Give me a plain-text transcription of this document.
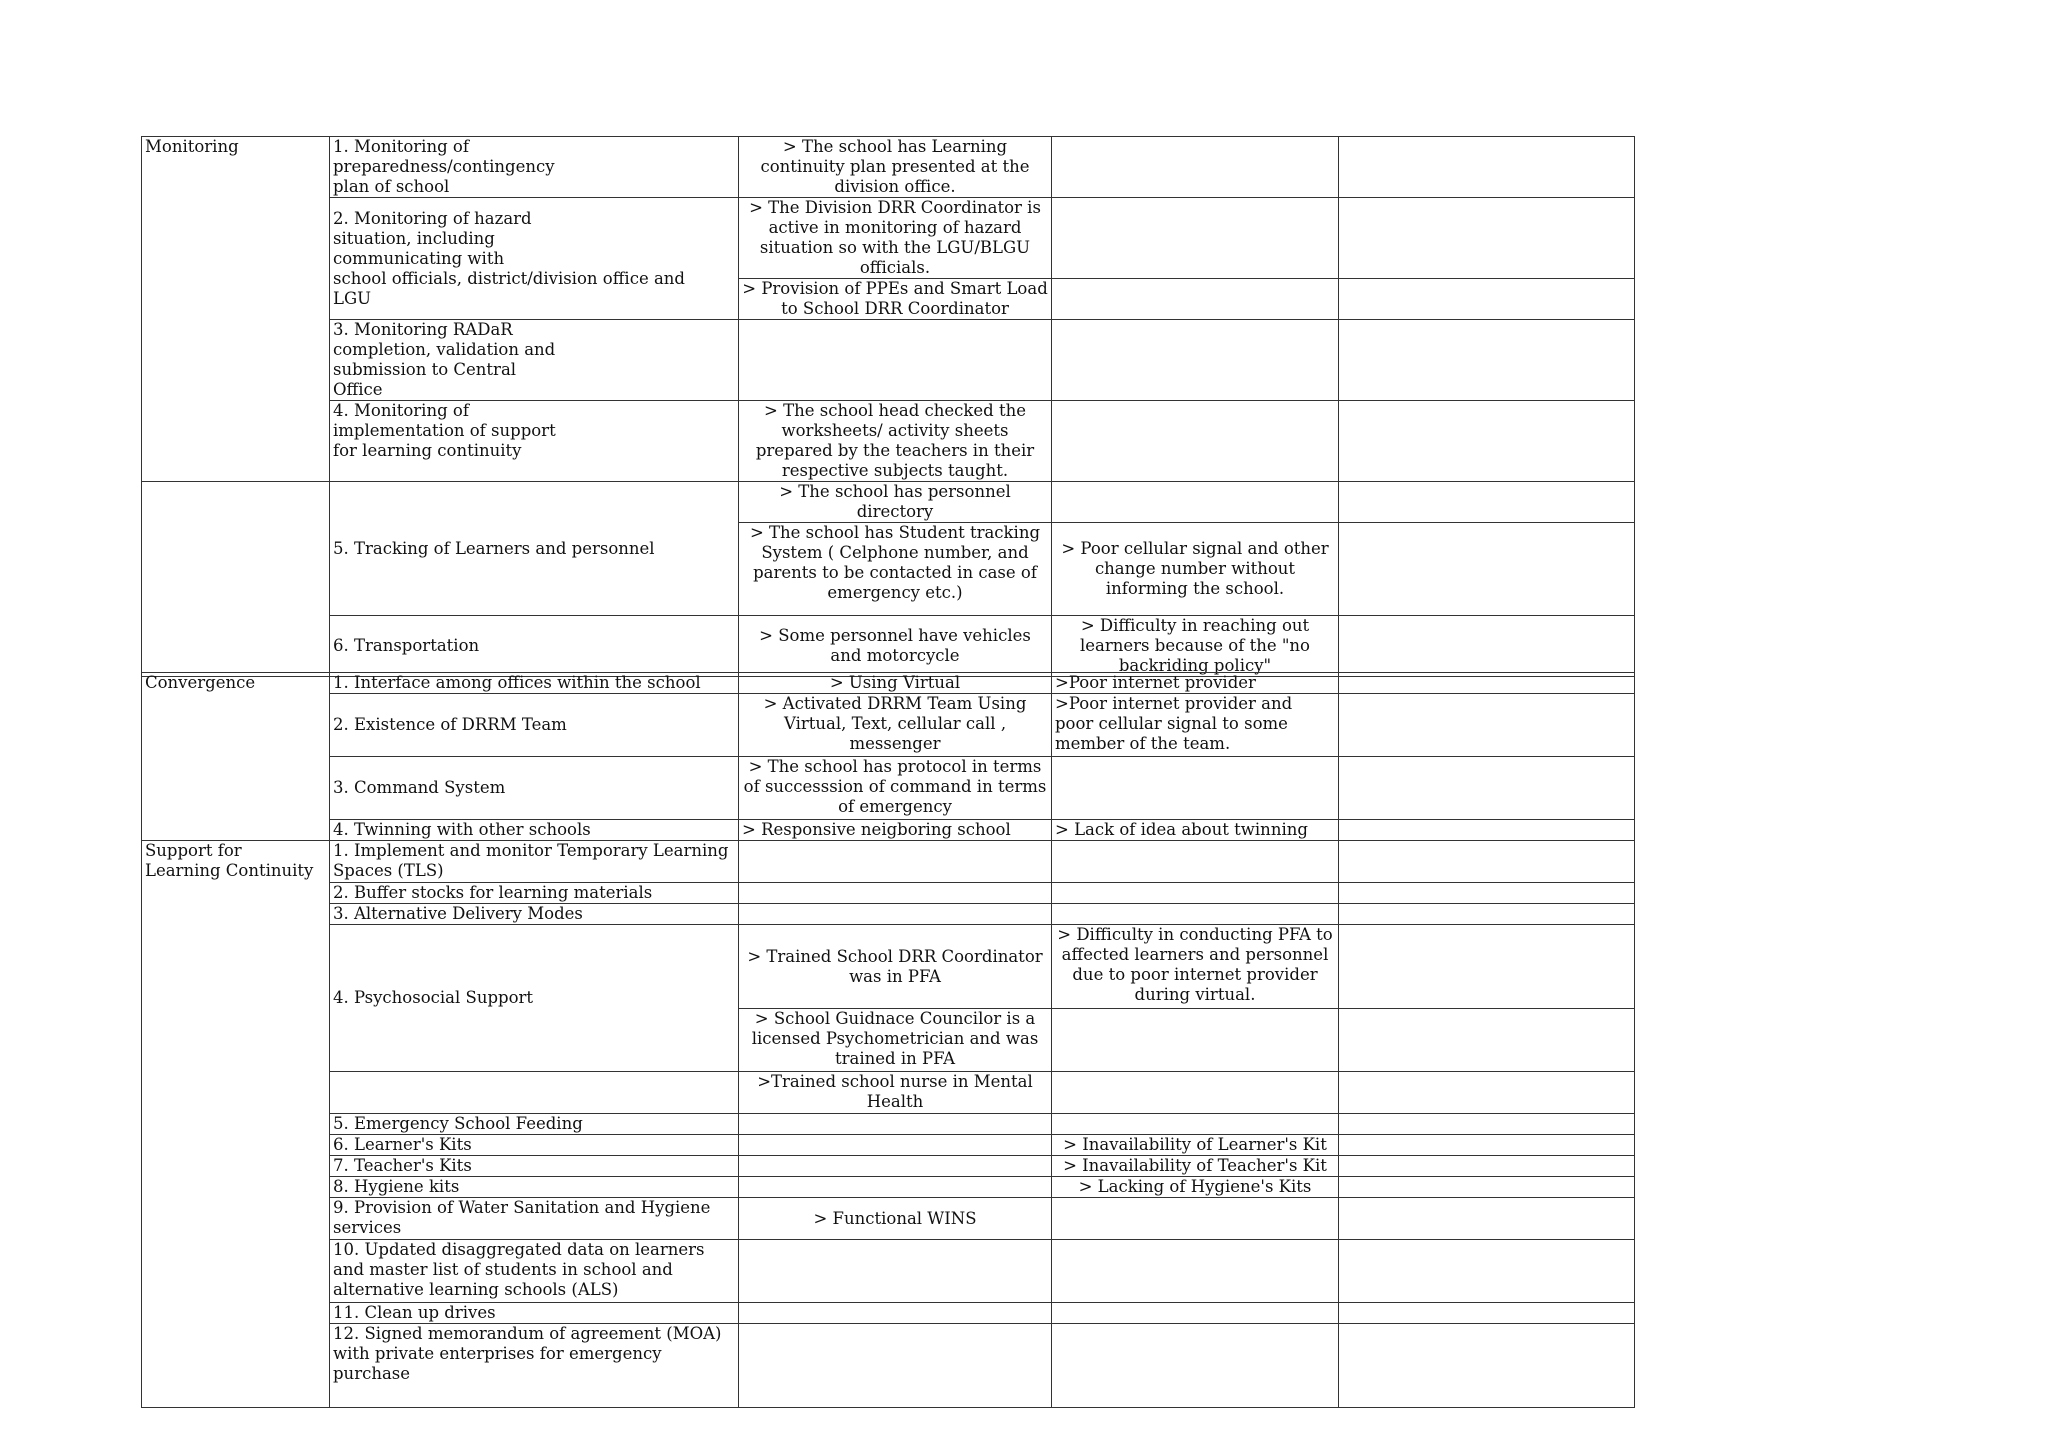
Monitoring	1. Monitoring of
preparedness/contingency
plan of school	> The school has Learning continuity plan presented at the division office.		
	2. Monitoring of hazard
situation, including
communicating with
school officials, district/division office and
LGU	> The Division DRR Coordinator is active in monitoring of hazard situation so with the LGU/BLGU officials.		
		> Provision of PPEs and Smart Load to School DRR Coordinator		
	3. Monitoring RADaR
completion, validation and
submission to Central
Office			
	4. Monitoring of
implementation of support
for learning continuity	> The school head checked the worksheets/ activity sheets prepared by the teachers in their respective subjects taught.		
	5. Tracking of Learners and personnel	> The school has personnel directory		
		> The school has Student tracking System ( Celphone number, and parents to be contacted in case of emergency etc.)	> Poor cellular signal and other change number without informing the school.	
	6. Transportation	> Some personnel have vehicles and motorcycle	> Difficulty in reaching out learners because of the "no backriding policy"	
Convergence	1. Interface among offices within the school	> Using Virtual	>Poor internet provider	
	2. Existence of DRRM Team	> Activated DRRM Team Using Virtual, Text, cellular call , messenger	>Poor internet provider and poor cellular signal to some member of the team.	
	3. Command System	> The school has protocol in terms of successsion of command in terms of emergency		
	4. Twinning with other schools	> Responsive neigboring school	> Lack of idea about twinning	
Support for
Learning Continuity	1. Implement and monitor Temporary Learning Spaces (TLS)			
	2. Buffer stocks for learning materials			
	3. Alternative Delivery Modes			
	4. Psychosocial Support	> Trained School DRR Coordinator was in PFA	> Difficulty in conducting PFA to affected learners and personnel due to poor internet provider during virtual.	
		> School Guidnace Councilor is a licensed Psychometrician and was trained in PFA		
		>Trained school nurse in Mental Health		
	5. Emergency School Feeding			
	6. Learner's Kits		> Inavailability of Learner's Kit	
	7. Teacher's Kits		> Inavailability of Teacher's Kit	
	8. Hygiene kits		> Lacking of Hygiene's Kits	
	9. Provision of Water Sanitation and Hygiene services	> Functional WINS		
	10. Updated disaggregated data on learners and master list of students in school and alternative learning schools (ALS)			
	11. Clean up drives			
	12. Signed memorandum of agreement (MOA) with private enterprises for emergency purchase			
